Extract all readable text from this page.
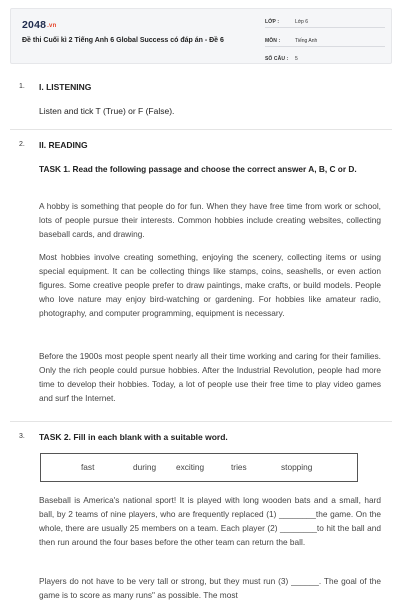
2048.vn
Đề thi Cuối kì 2 Tiếng Anh 6 Global Success có đáp án - Đề 6
LỚP :	Lớp 6
MÔN :	Tiếng Anh
SỐ CÂU : 5
1. I. LISTENING
Listen and tick T (True) or F (False).
2. II. READING
TASK 1. Read the following passage and choose the correct answer A, B, C or D.
A hobby is something that people do for fun. When they have free time from work or school, lots of people pursue their interests. Common hobbies include creating websites, collecting baseball cards, and drawing.
Most hobbies involve creating something, enjoying the scenery, collecting items or using special equipment. It can be collecting things like stamps, coins, seashells, or even action figures. Some creative people prefer to draw paintings, make crafts, or build models. People who love nature may enjoy bird-watching or gardening. For hobbies like amateur radio, photography, and computer programming, equipment is necessary.
Before the 1900s most people spent nearly all their time working and caring for their families. Only the rich people could pursue hobbies. After the Industrial Revolution, people had more time to develop their hobbies. Today, a lot of people use their free time to play video games and surf the Internet.
3. TASK 2. Fill in each blank with a suitable word.
fast	during exciting	tries	stopping
Baseball is America's national sport! It is played with long wooden bats and a small, hard ball, by 2 teams of nine players, who are frequently replaced (1) ________the game. On the whole, there are usually 25 members on a team. Each player (2) ________to hit the ball and then run around the four bases before the other team can return the ball.
Players do not have to be very tall or strong, but they must run (3) ______. The goal of the game is to score as many runs" as possible. The most
